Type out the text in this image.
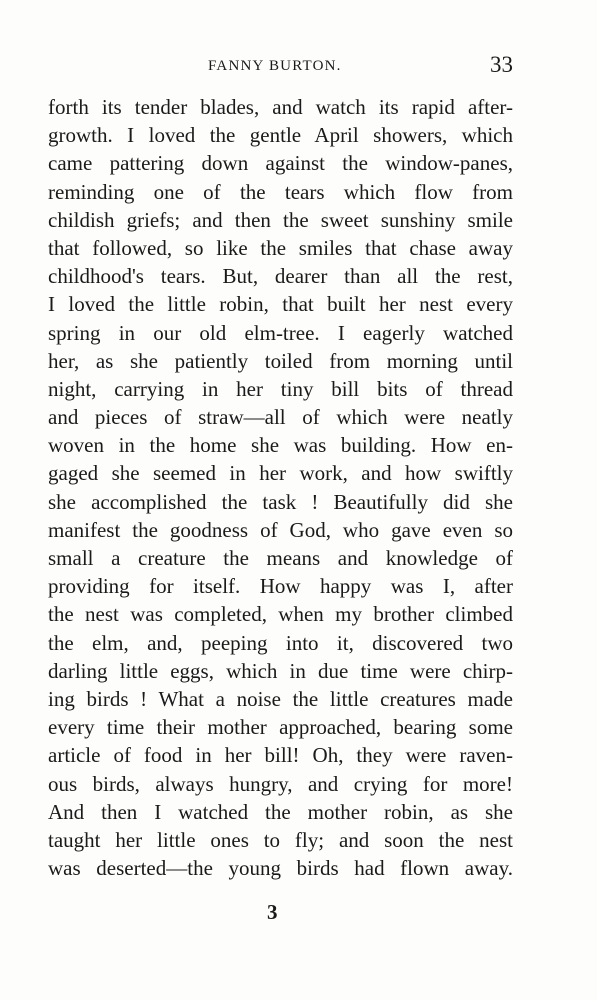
FANNY BURTON.	33
forth its tender blades, and watch its rapid after-
growth. I loved the gentle April showers, which
came pattering down against the window-panes,
reminding one of the tears which flow from
childish griefs; and then the sweet sunshiny smile
that followed, so like the smiles that chase away
childhood's tears. But, dearer than all the rest,
I loved the little robin, that built her nest every
spring in our old elm-tree. I eagerly watched
her, as she patiently toiled from morning until
night, carrying in her tiny bill bits of thread
and pieces of straw—all of which were neatly
woven in the home she was building. How en-
gaged she seemed in her work, and how swiftly
she accomplished the task ! Beautifully did she
manifest the goodness of God, who gave even so
small a creature the means and knowledge of
providing for itself. How happy was I, after
the nest was completed, when my brother climbed
the elm, and, peeping into it, discovered two
darling little eggs, which in due time were chirp-
ing birds ! What a noise the little creatures made
every time their mother approached, bearing some
article of food in her bill! Oh, they were raven-
ous birds, always hungry, and crying for more!
And then I watched the mother robin, as she
taught her little ones to fly; and soon the nest
was deserted—the young birds had flown away.
3
